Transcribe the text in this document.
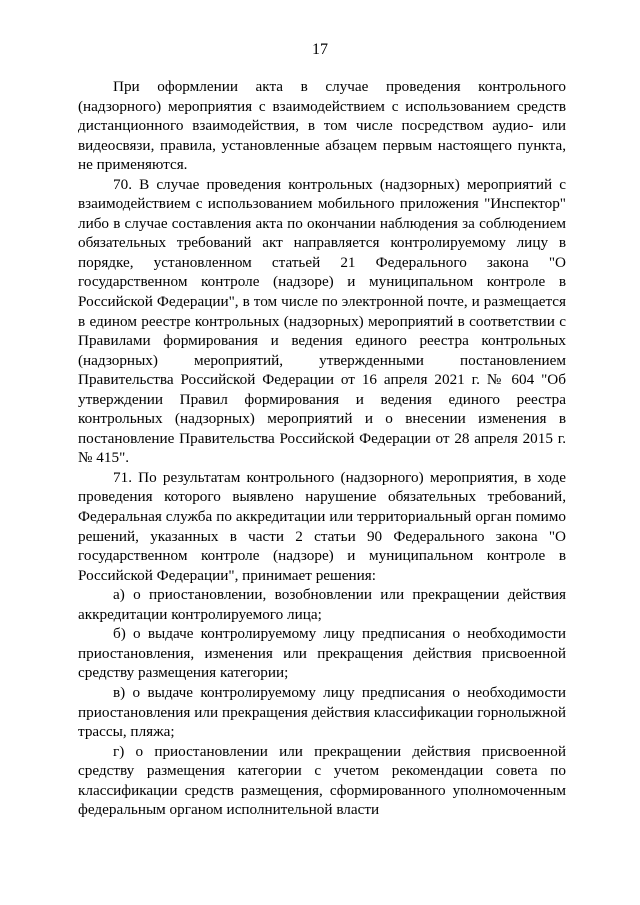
17

При оформлении акта в случае проведения контрольного (надзорного) мероприятия с взаимодействием с использованием средств дистанционного взаимодействия, в том числе посредством аудио- или видеосвязи, правила, установленные абзацем первым настоящего пункта, не применяются.

70. В случае проведения контрольных (надзорных) мероприятий с взаимодействием с использованием мобильного приложения "Инспектор" либо в случае составления акта по окончании наблюдения за соблюдением обязательных требований акт направляется контролируемому лицу в порядке, установленном статьей 21 Федерального закона "О государственном контроле (надзоре) и муниципальном контроле в Российской Федерации", в том числе по электронной почте, и размещается в едином реестре контрольных (надзорных) мероприятий в соответствии с Правилами формирования и ведения единого реестра контрольных (надзорных) мероприятий, утвержденными постановлением Правительства Российской Федерации от 16 апреля 2021 г. № 604 "Об утверждении Правил формирования и ведения единого реестра контрольных (надзорных) мероприятий и о внесении изменения в постановление Правительства Российской Федерации от 28 апреля 2015 г. № 415".

71. По результатам контрольного (надзорного) мероприятия, в ходе проведения которого выявлено нарушение обязательных требований, Федеральная служба по аккредитации или территориальный орган помимо решений, указанных в части 2 статьи 90 Федерального закона "О государственном контроле (надзоре) и муниципальном контроле в Российской Федерации", принимает решения:

а) о приостановлении, возобновлении или прекращении действия аккредитации контролируемого лица;

б) о выдаче контролируемому лицу предписания о необходимости приостановления, изменения или прекращения действия присвоенной средству размещения категории;

в) о выдаче контролируемому лицу предписания о необходимости приостановления или прекращения действия классификации горнолыжной трассы, пляжа;

г) о приостановлении или прекращении действия присвоенной средству размещения категории с учетом рекомендации совета по классификации средств размещения, сформированного уполномоченным федеральным органом исполнительной власти
